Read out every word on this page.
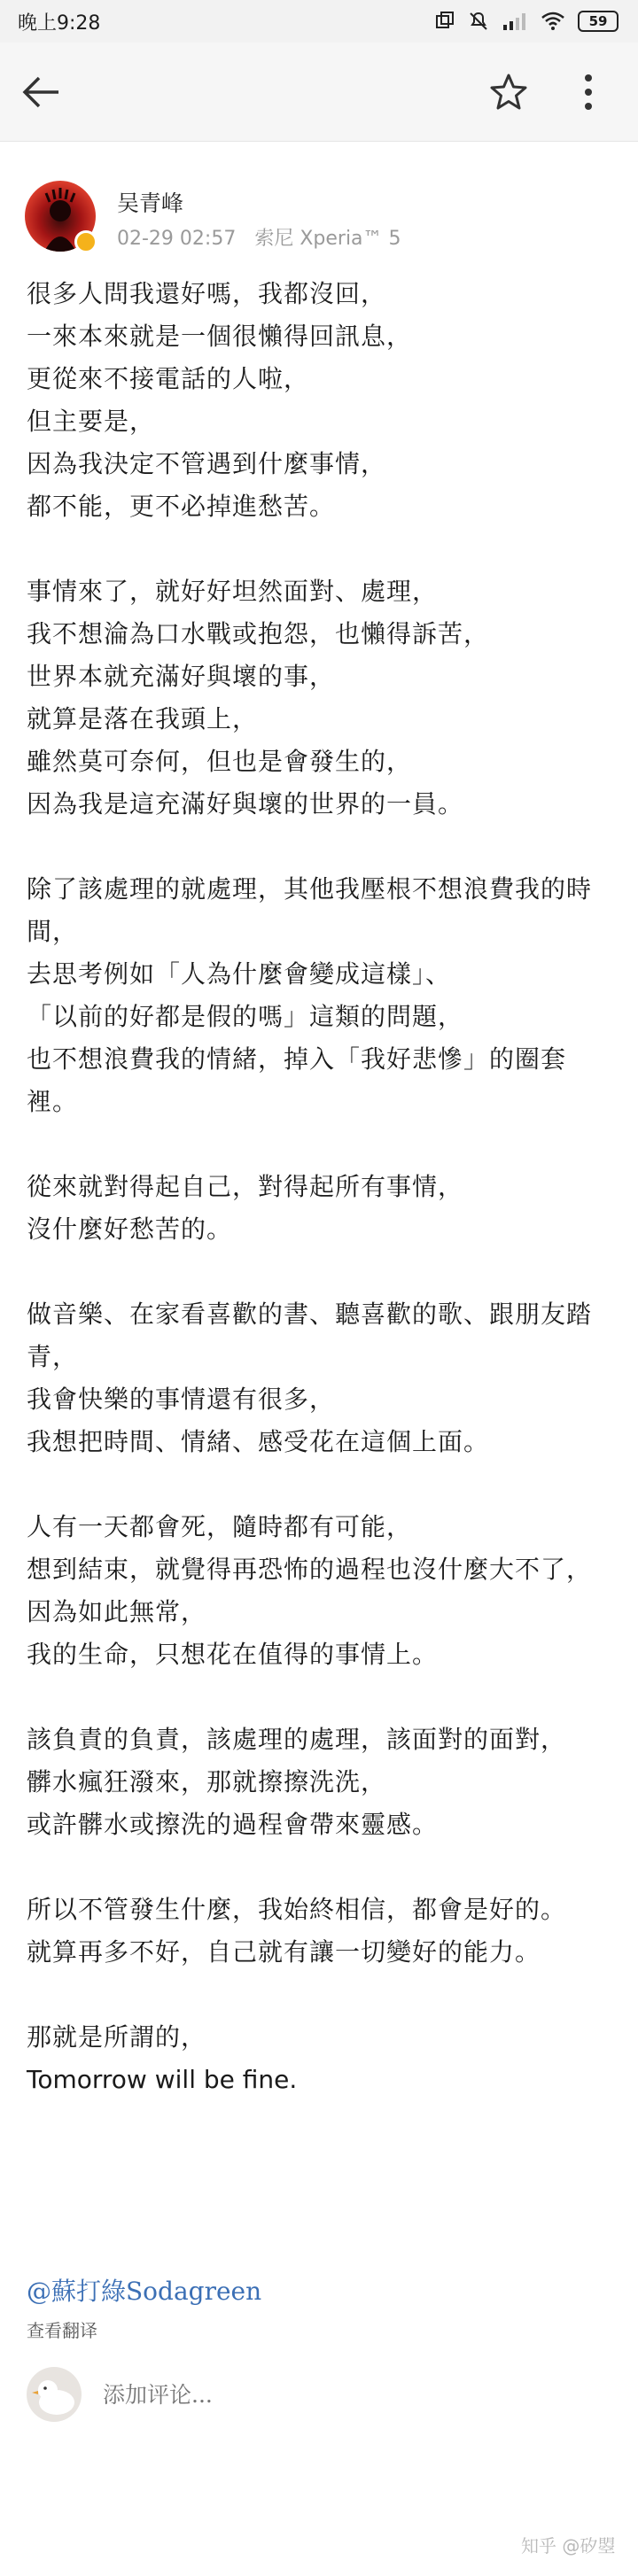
晚上9:28	59
吴青峰
02-29 02:57 索尼 Xperia™ 5
很多人問我還好嗎，我都沒回，
一來本來就是一個很懶得回訊息，
更從來不接電話的人啦，
但主要是，
因為我決定不管遇到什麼事情，
都不能，更不必掉進愁苦。
事情來了，就好好坦然面對、處理，
我不想淪為口水戰或抱怨，也懶得訴苦，
世界本就充滿好與壞的事，
就算是落在我頭上，
雖然莫可奈何，但也是會發生的，
因為我是這充滿好與壞的世界的一員。
除了該處理的就處理，其他我壓根不想浪費我的時間，
去思考例如「人為什麼會變成這樣」、
「以前的好都是假的嗎」這類的問題，
也不想浪費我的情緒，掉入「我好悲慘」的圈套裡。
從來就對得起自己，對得起所有事情，
沒什麼好愁苦的。
做音樂、在家看喜歡的書、聽喜歡的歌、跟朋友踏青，
我會快樂的事情還有很多，
我想把時間、情緒、感受花在這個上面。
人有一天都會死，隨時都有可能，
想到結束，就覺得再恐怖的過程也沒什麼大不了，
因為如此無常，
我的生命，只想花在值得的事情上。
該負責的負責，該處理的處理，該面對的面對，
髒水瘋狂潑來，那就擦擦洗洗，
或許髒水或擦洗的過程會帶來靈感。
所以不管發生什麼，我始終相信，都會是好的。
就算再多不好，自己就有讓一切變好的能力。
那就是所謂的，
Tomorrow will be fine.
@蘇打綠Sodagreen
查看翻译
添加评论...
知乎 @矽曌
